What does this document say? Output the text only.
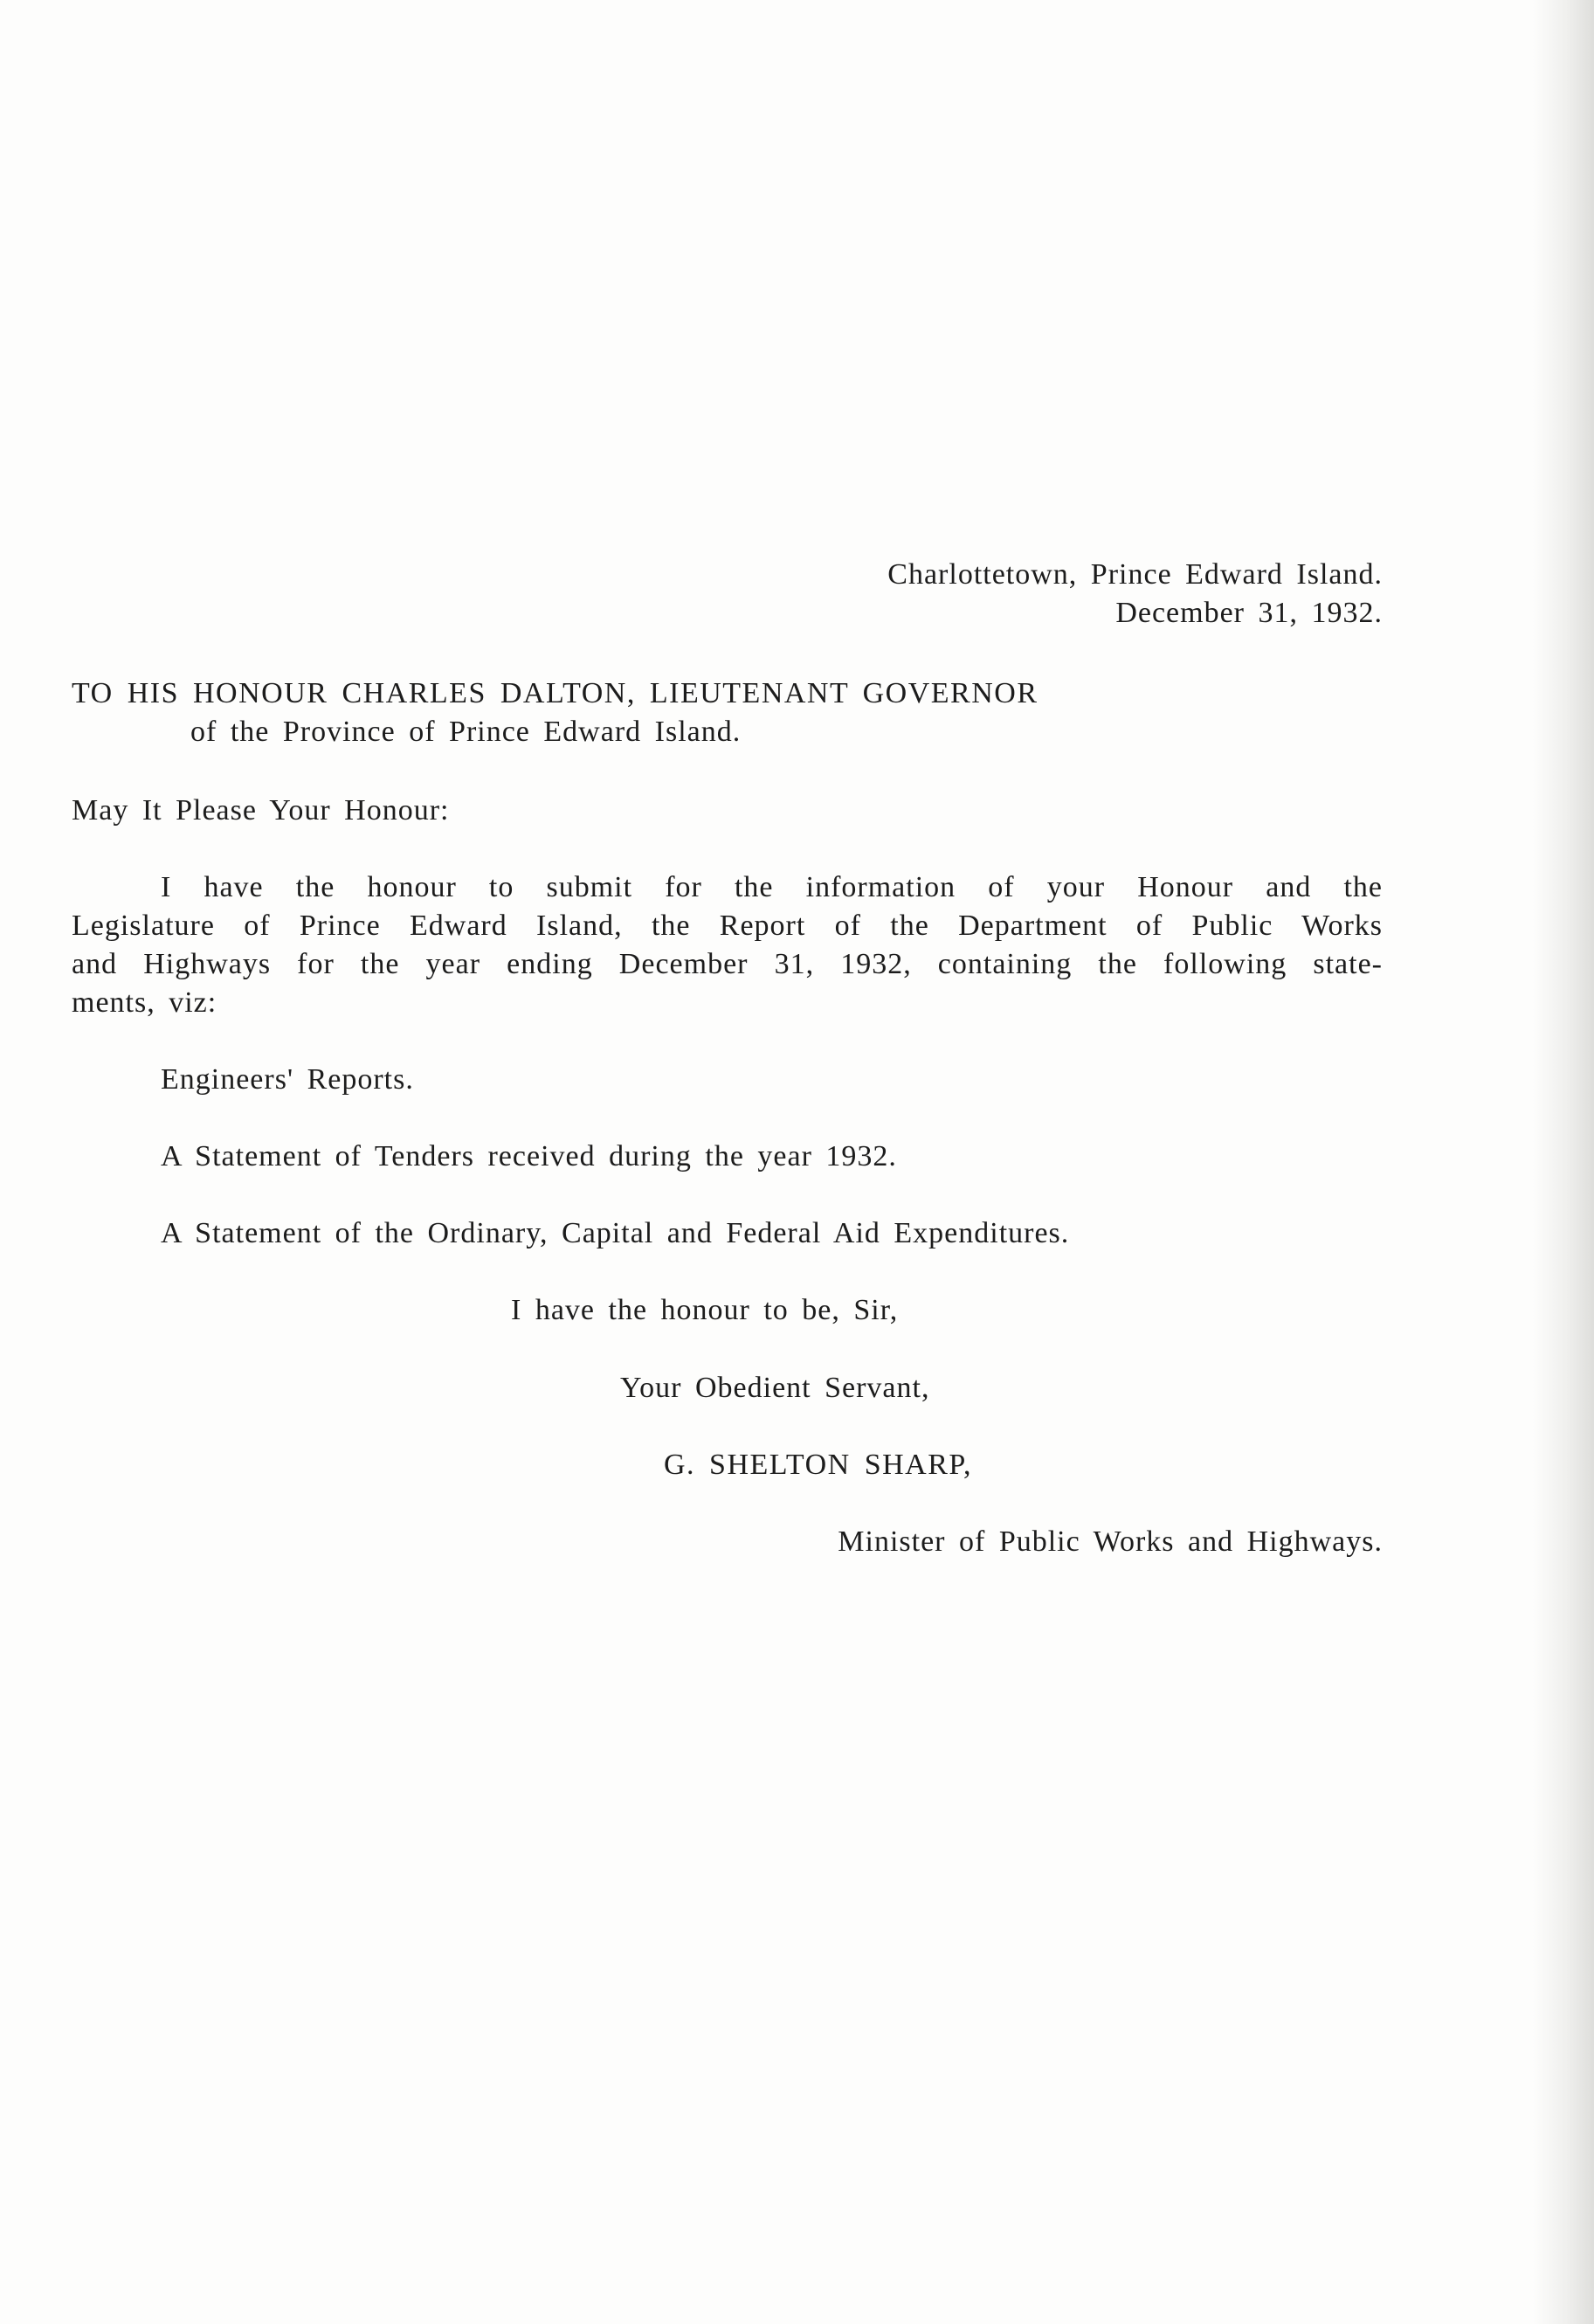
Charlottetown, Prince Edward Island.
December 31, 1932.
TO HIS HONOUR CHARLES DALTON, LIEUTENANT GOVERNOR
of the Province of Prince Edward Island.
May It Please Your Honour:
I have the honour to submit for the information of your Honour and the
Legislature of Prince Edward Island, the Report of the Department of Public Works
and Highways for the year ending December 31, 1932, containing the following state-
ments, viz:
Engineers' Reports.
A Statement of Tenders received during the year 1932.
A Statement of the Ordinary, Capital and Federal Aid Expenditures.
I have the honour to be, Sir,
Your Obedient Servant,
G. SHELTON SHARP,
Minister of Public Works and Highways.
